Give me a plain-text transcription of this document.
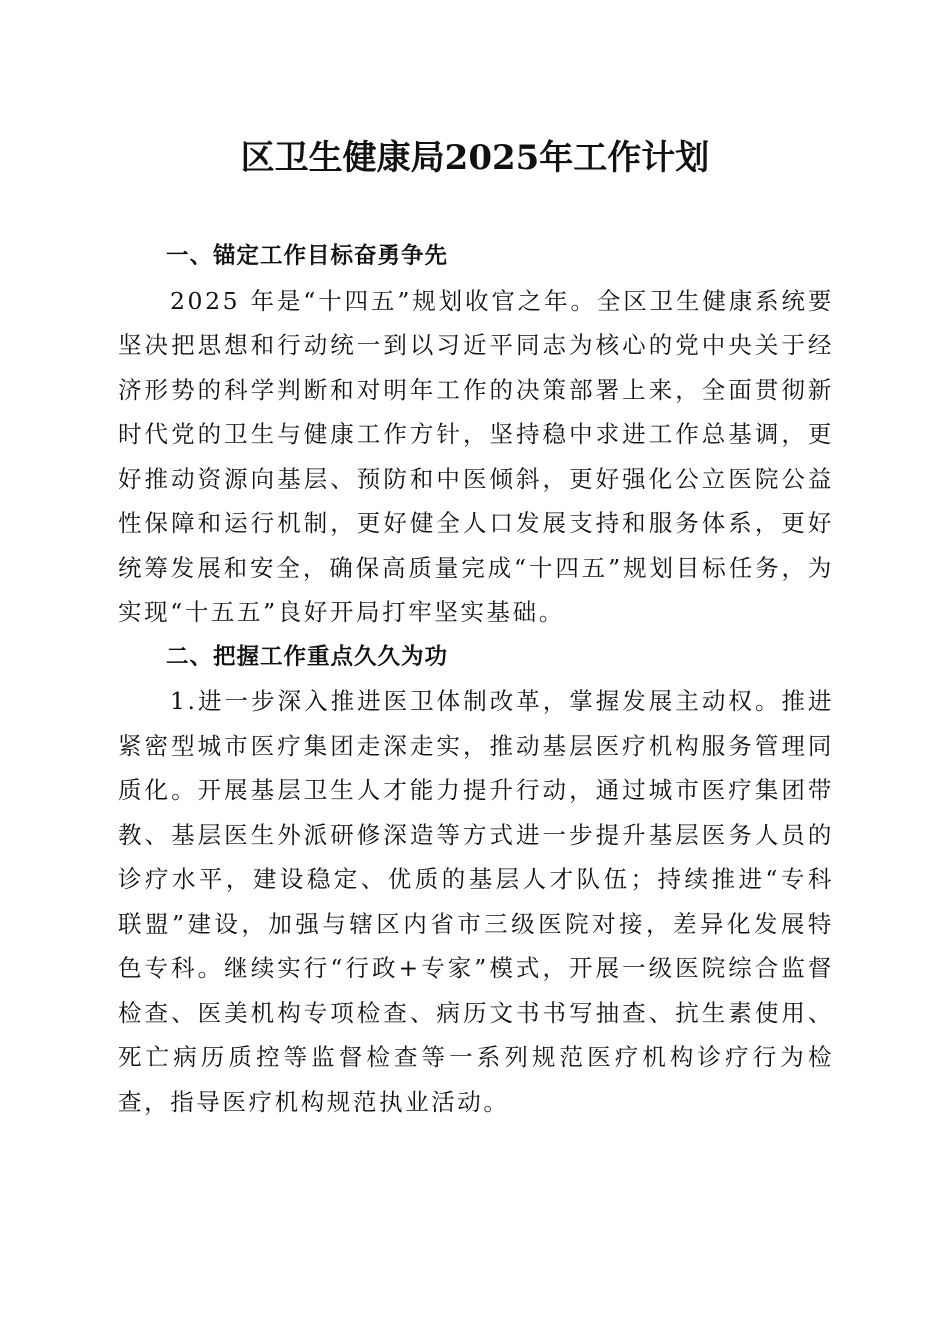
区卫生健康局2025年工作计划

一、锚定工作目标奋勇争先

2025 年是“十四五”规划收官之年。全区卫生健康系统要坚决把思想和行动统一到以习近平同志为核心的党中央关于经济形势的科学判断和对明年工作的决策部署上来，全面贯彻新时代党的卫生与健康工作方针，坚持稳中求进工作总基调，更好推动资源向基层、预防和中医倾斜，更好强化公立医院公益性保障和运行机制，更好健全人口发展支持和服务体系，更好统筹发展和安全，确保高质量完成“十四五”规划目标任务，为实现“十五五”良好开局打牢坚实基础。

二、把握工作重点久久为功

1.进一步深入推进医卫体制改革，掌握发展主动权。推进紧密型城市医疗集团走深走实，推动基层医疗机构服务管理同质化。开展基层卫生人才能力提升行动，通过城市医疗集团带教、基层医生外派研修深造等方式进一步提升基层医务人员的诊疗水平，建设稳定、优质的基层人才队伍；持续推进“专科联盟”建设，加强与辖区内省市三级医院对接，差异化发展特色专科。继续实行“行政+专家”模式，开展一级医院综合监督检查、医美机构专项检查、病历文书书写抽查、抗生素使用、死亡病历质控等监督检查等一系列规范医疗机构诊疗行为检查，指导医疗机构规范执业活动。
